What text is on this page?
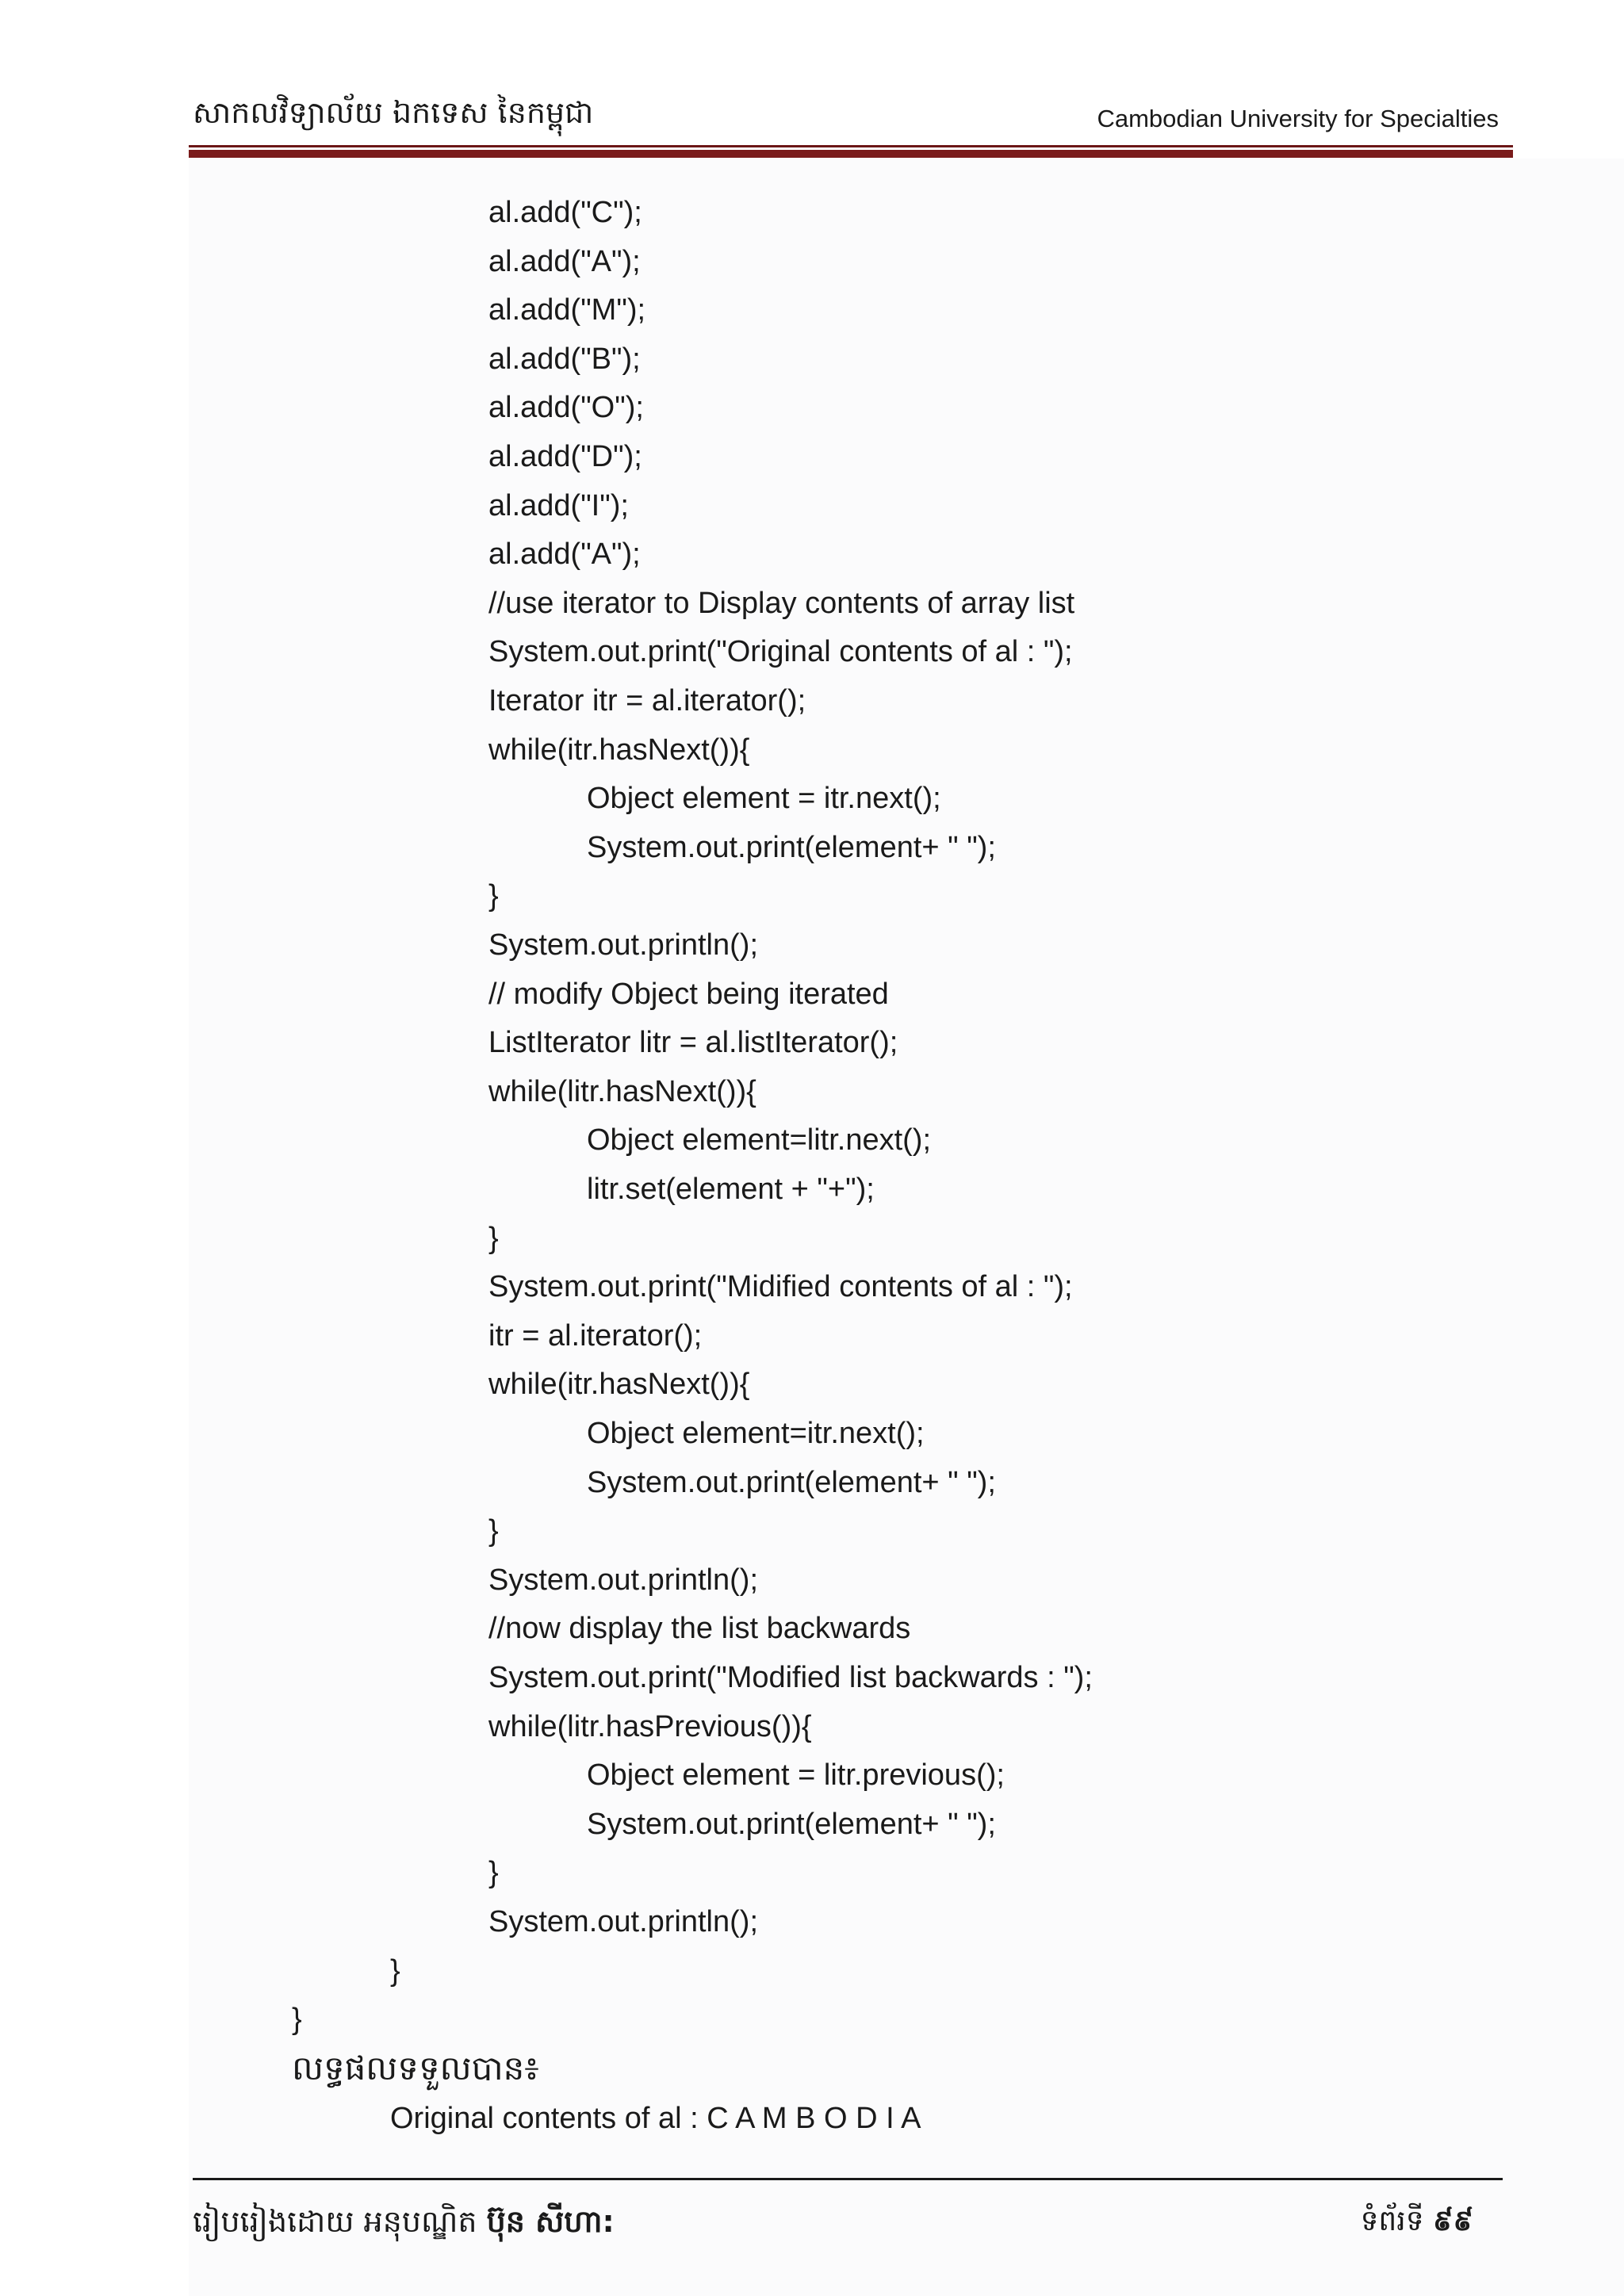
សាកលវិទ្យាល័យ ឯកទេស នៃកម្ពុជា	Cambodian University for Specialties
al.add("C");
al.add("A");
al.add("M");
al.add("B");
al.add("O");
al.add("D");
al.add("I");
al.add("A");
//use iterator to Display contents of array list
System.out.print("Original contents of al : ");
Iterator itr = al.iterator();
while(itr.hasNext()){
Object element = itr.next();
System.out.print(element+ " ");
}
System.out.println();
// modify Object being iterated
ListIterator litr = al.listIterator();
while(litr.hasNext()){
Object element=litr.next();
litr.set(element + "+");
}
System.out.print("Midified contents of al : ");
itr = al.iterator();
while(itr.hasNext()){
Object element=itr.next();
System.out.print(element+ " ");
}
System.out.println();
//now display the list backwards
System.out.print("Modified list backwards : ");
while(litr.hasPrevious()){
Object element = litr.previous();
System.out.print(element+ " ");
}
System.out.println();
}
}
លទ្ធផលទទួលបាន៖
Original contents of al : C A M B O D I A
រៀបរៀងដោយ អនុបណ្ឌិត ប៊ុន សីហា:	ទំព័រទី ៩៩
